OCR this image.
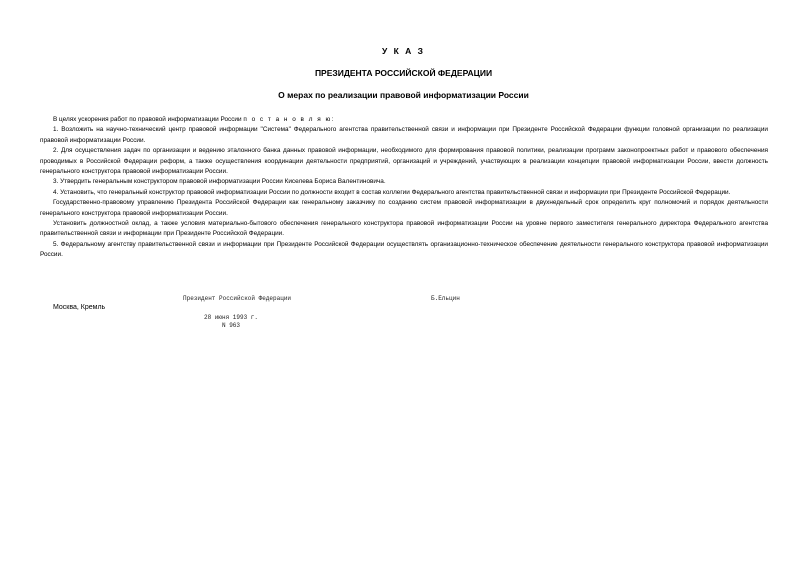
У К А З
ПРЕЗИДЕНТА РОССИЙСКОЙ ФЕДЕРАЦИИ
О мерах по реализации правовой информатизации России

В целях ускорения работ по правовой информатизации России п о с т а н о в л я ю:

1. Возложить на научно-технический центр правовой информации "Система" Федерального агентства правительственной связи и информации при Президенте Российской Федерации функции головной организации по реализации правовой информатизации России.

2. Для осуществления задач по организации и ведению эталонного банка данных правовой информации, необходимого для формирования правовой политики, реализации программ законопроектных работ и правового обеспечения проводимых в Российской Федерации реформ, а также осуществления координации деятельности предприятий, организаций и учреждений, участвующих в реализации концепции правовой информатизации России, ввести должность генерального конструктора правовой информатизации России.

3. Утвердить генеральным конструктором правовой информатизации России Киселева Бориса Валентиновича.

4. Установить, что генеральный конструктор правовой информатизации России по должности входит в состав коллегии Федерального агентства правительственной связи и информации при Президенте Российской Федерации.

Государственно-правовому управлению Президента Российской Федерации как генеральному заказчику по созданию систем правовой информатизации в двухнедельный срок определить круг полномочий и порядок деятельности генерального конструктора правовой информатизации России.

Установить должностной оклад, а также условия материально-бытового обеспечения генерального конструктора правовой информатизации России на уровне первого заместителя генерального директора Федерального агентства правительственной связи и информации при Президенте Российской Федерации.

5. Федеральному агентству правительственной связи и информации при Президенте Российской Федерации осуществлять организационно-техническое обеспечение деятельности генерального конструктора правовой информатизации России.

Президент Российской Федерации	Б.Ельцин
Москва, Кремль
28 июня 1993 г.
N 963
